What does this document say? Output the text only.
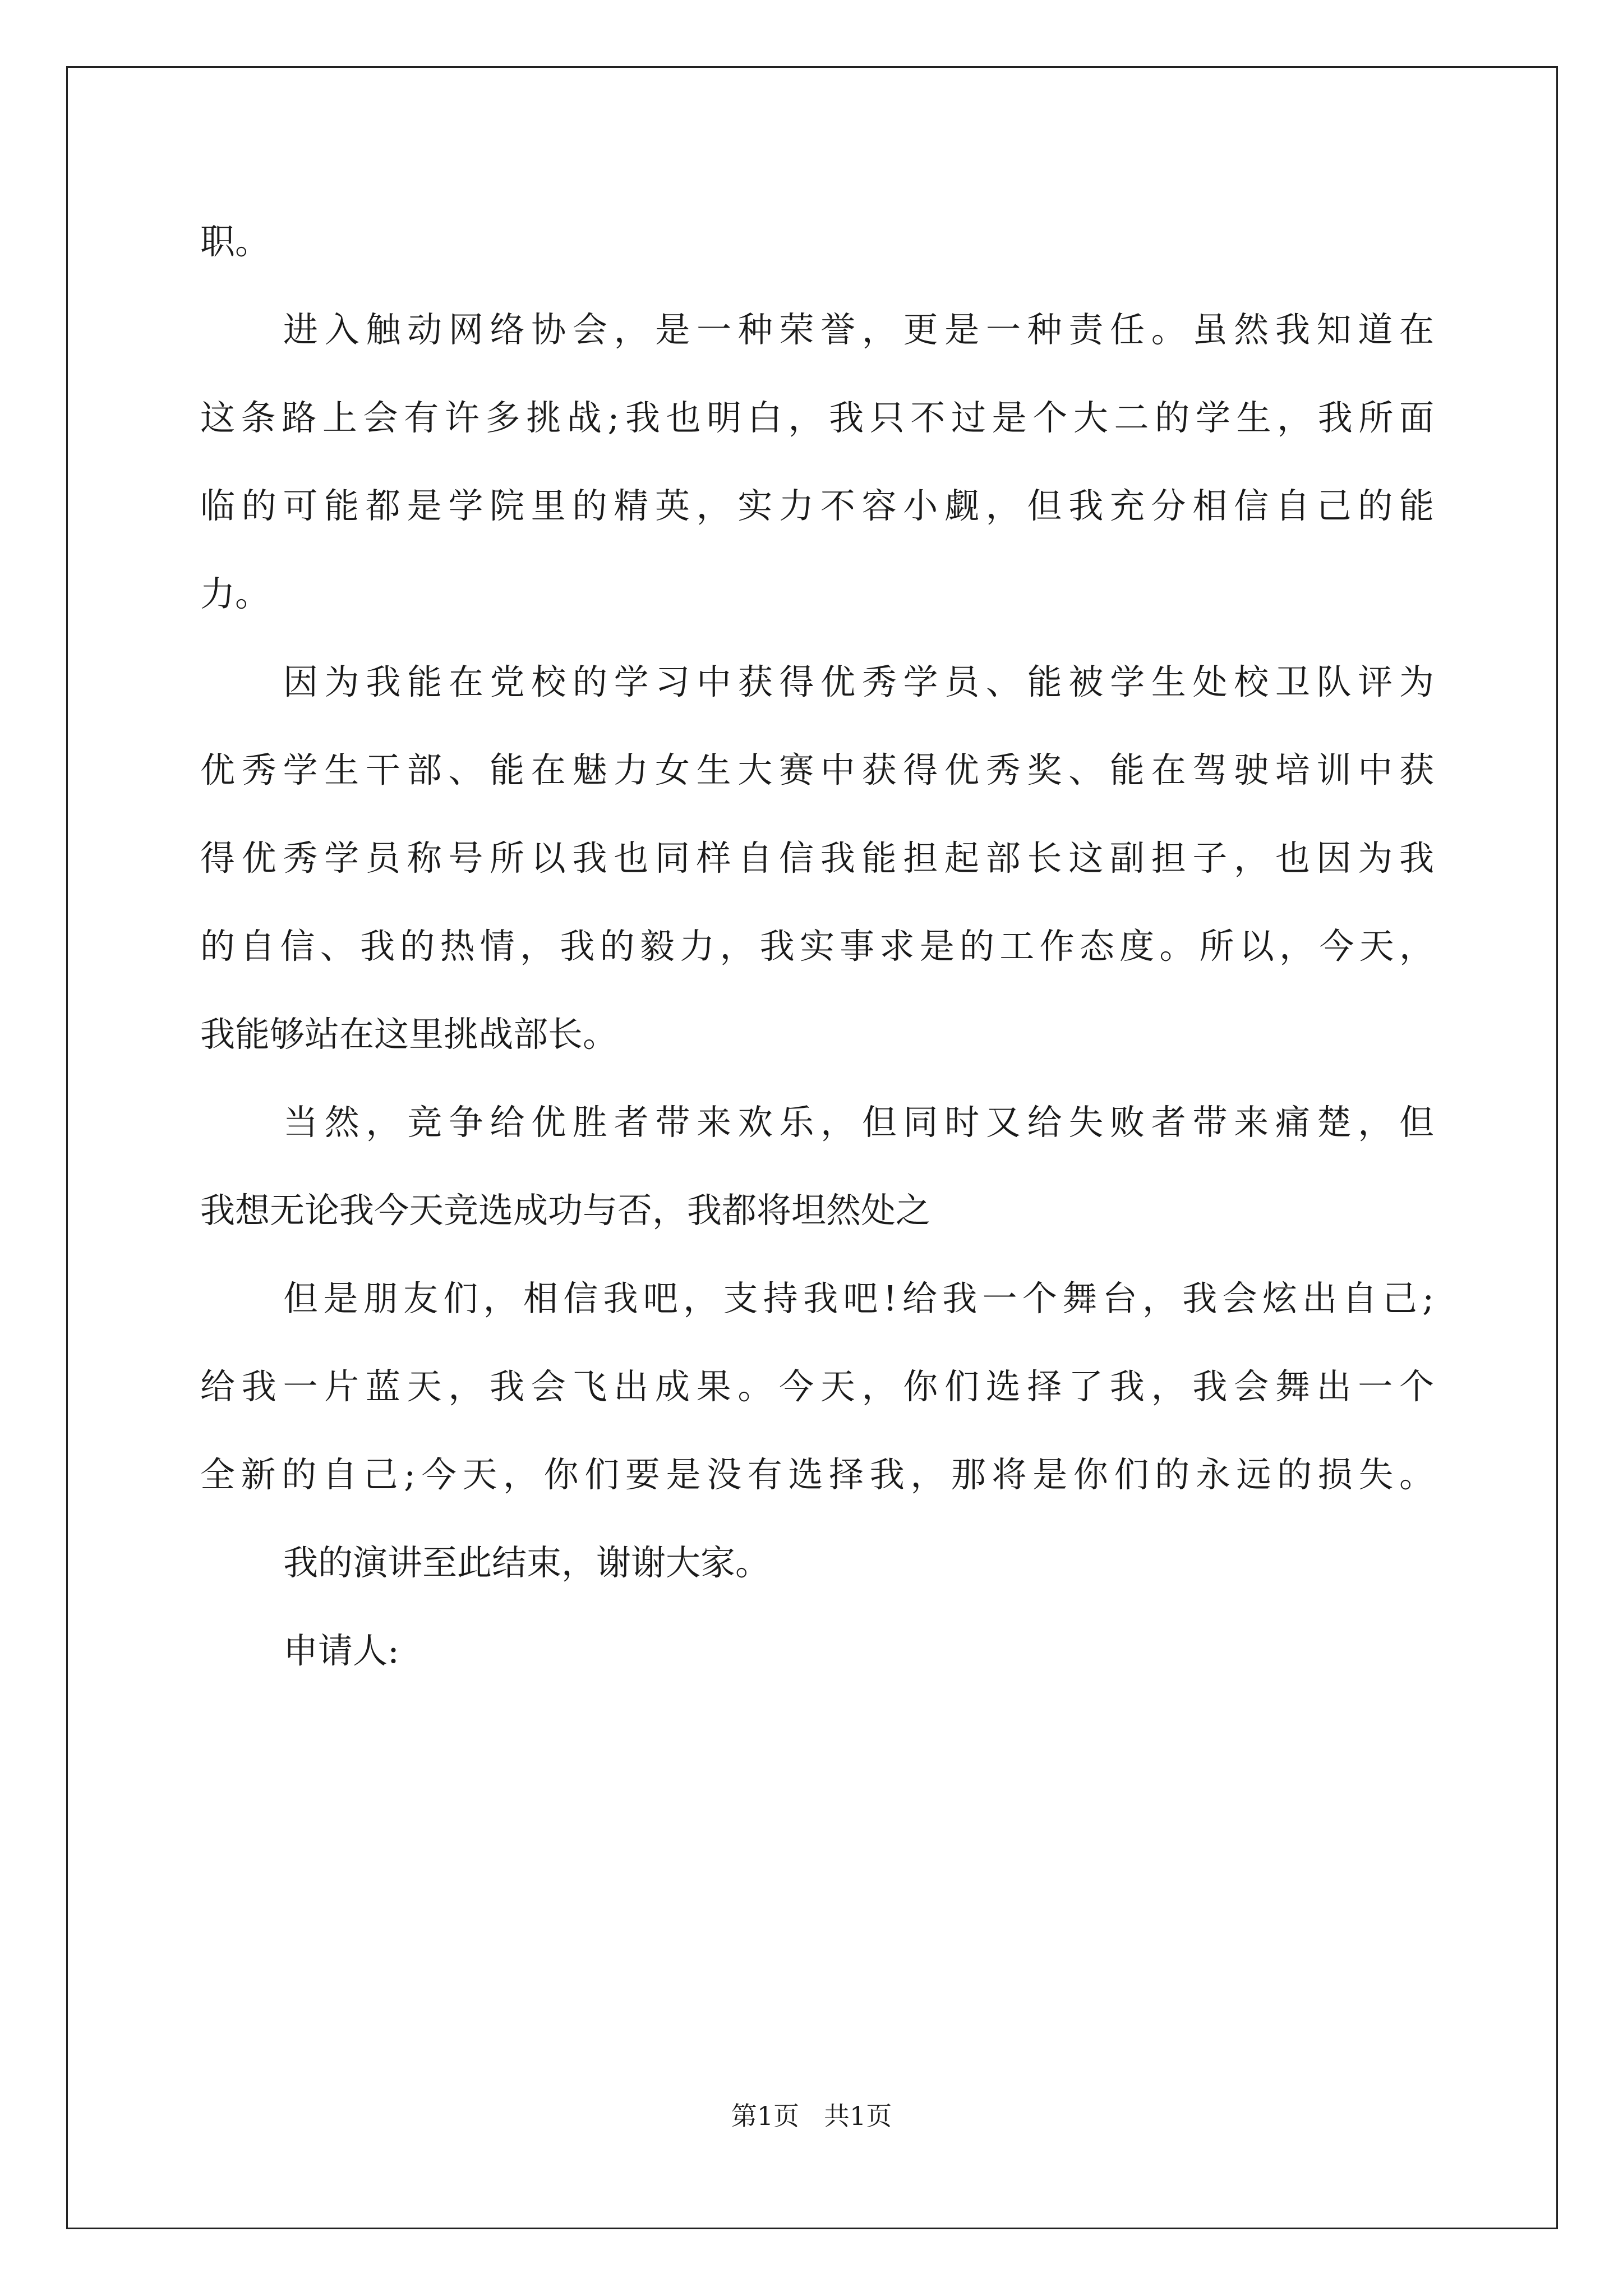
职。
进入触动网络协会，是一种荣誉，更是一种责任。虽然我知道在
这条路上会有许多挑战;我也明白，我只不过是个大二的学生，我所面
临的可能都是学院里的精英，实力不容小觑，但我充分相信自己的能
力。
因为我能在党校的学习中获得优秀学员、能被学生处校卫队评为
优秀学生干部、能在魅力女生大赛中获得优秀奖、能在驾驶培训中获
得优秀学员称号所以我也同样自信我能担起部长这副担子，也因为我
的自信、我的热情，我的毅力，我实事求是的工作态度。所以，今天，
我能够站在这里挑战部长。
当然，竞争给优胜者带来欢乐，但同时又给失败者带来痛楚，但
我想无论我今天竞选成功与否，我都将坦然处之
但是朋友们，相信我吧，支持我吧!给我一个舞台，我会炫出自己;
给我一片蓝天，我会飞出成果。今天，你们选择了我，我会舞出一个
全新的自己;今天，你们要是没有选择我，那将是你们的永远的损失。
我的演讲至此结束，谢谢大家。
申请人:
第1页 共1页
